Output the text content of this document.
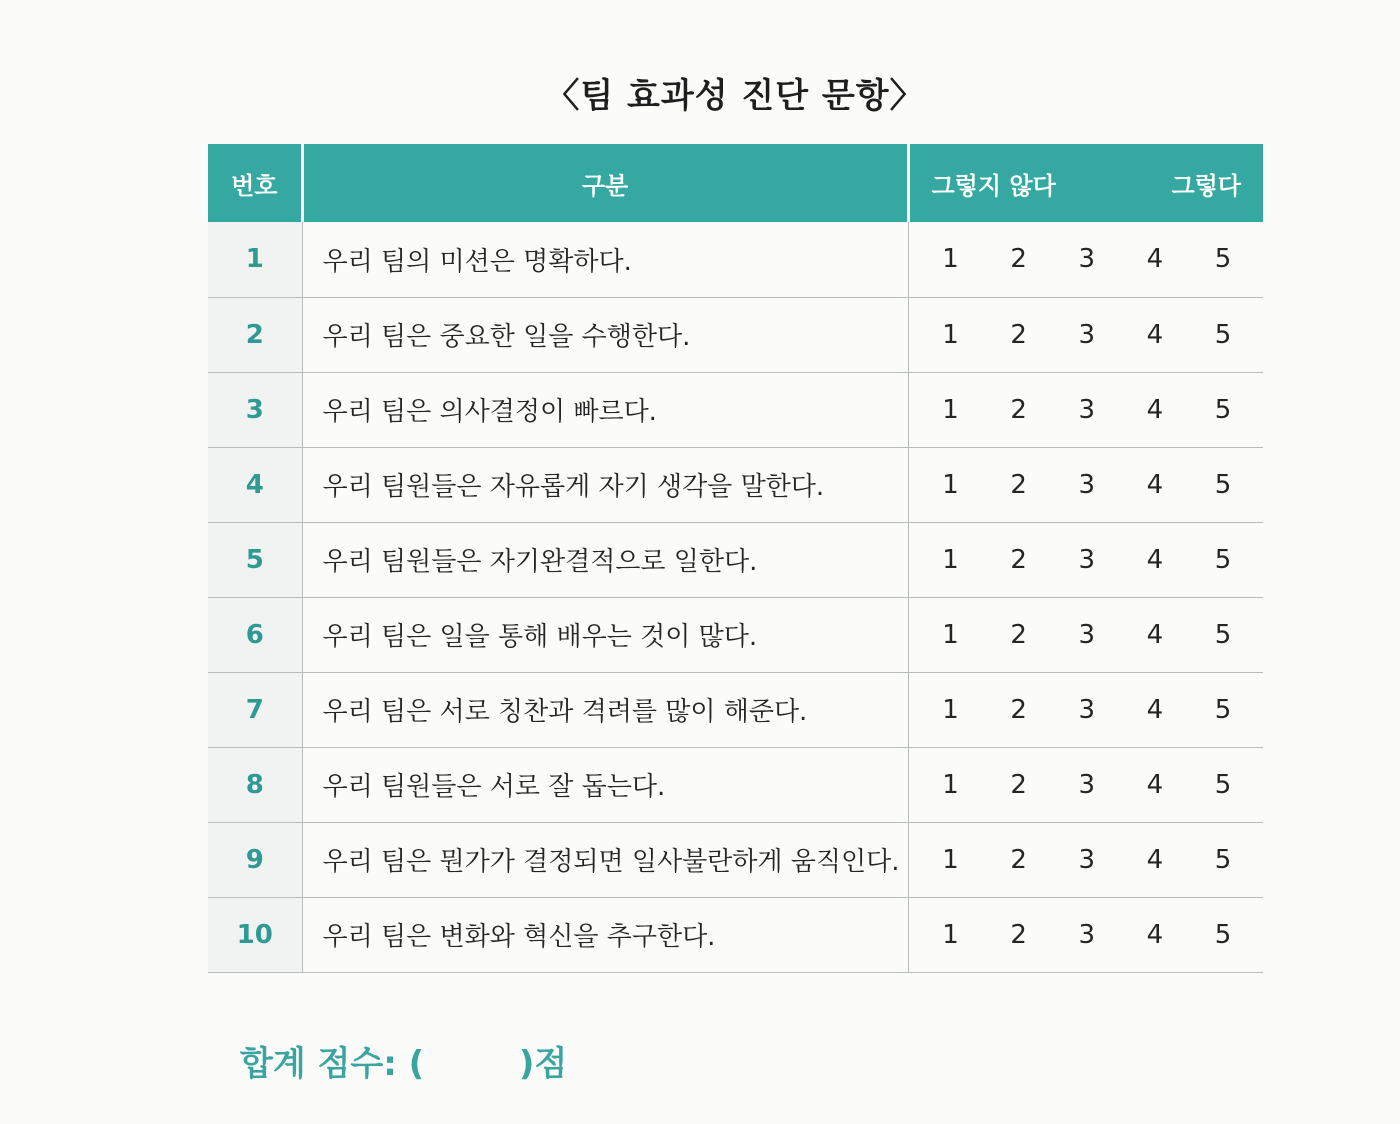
〈팀 효과성 진단 문항〉
번호	구분	그렇지 않다 그렇다

1	우리 팀의 미션은 명확하다.	1 2 3 4 5

2	우리 팀은 중요한 일을 수행한다.	1 2 3 4 5

3	우리 팀은 의사결정이 빠르다.	1 2 3 4 5

4	우리 팀원들은 자유롭게 자기 생각을 말한다.	1 2 3 4 5

5	우리 팀원들은 자기완결적으로 일한다.	1 2 3 4 5

6	우리 팀은 일을 통해 배우는 것이 많다.	1 2 3 4 5

7	우리 팀은 서로 칭찬과 격려를 많이 해준다.	1 2 3 4 5

8	우리 팀원들은 서로 잘 돕는다.	1 2 3 4 5

9	우리 팀은 뭔가가 결정되면 일사불란하게 움직인다.	1 2 3 4 5

10	우리 팀은 변화와 혁신을 추구한다.	1 2 3 4 5
합계 점수: (        )점
